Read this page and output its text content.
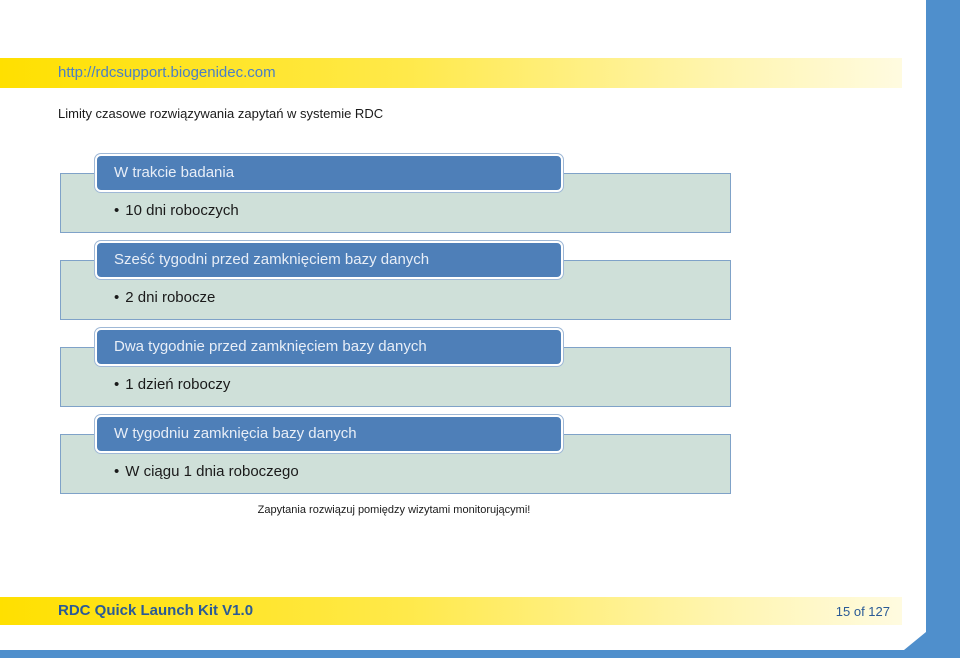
http://rdcsupport.biogenidec.com
Limity czasowe rozwiązywania zapytań w systemie RDC
W trakcie badania
• 10 dni roboczych
Sześć tygodni przed zamknięciem bazy danych
• 2 dni robocze
Dwa tygodnie przed zamknięciem bazy danych
• 1 dzień roboczy
W tygodniu zamknięcia bazy danych
• W ciągu 1 dnia roboczego
Zapytania rozwiązuj pomiędzy wizytami monitorującymi!
RDC Quick Launch Kit V1.0	15 of 127
